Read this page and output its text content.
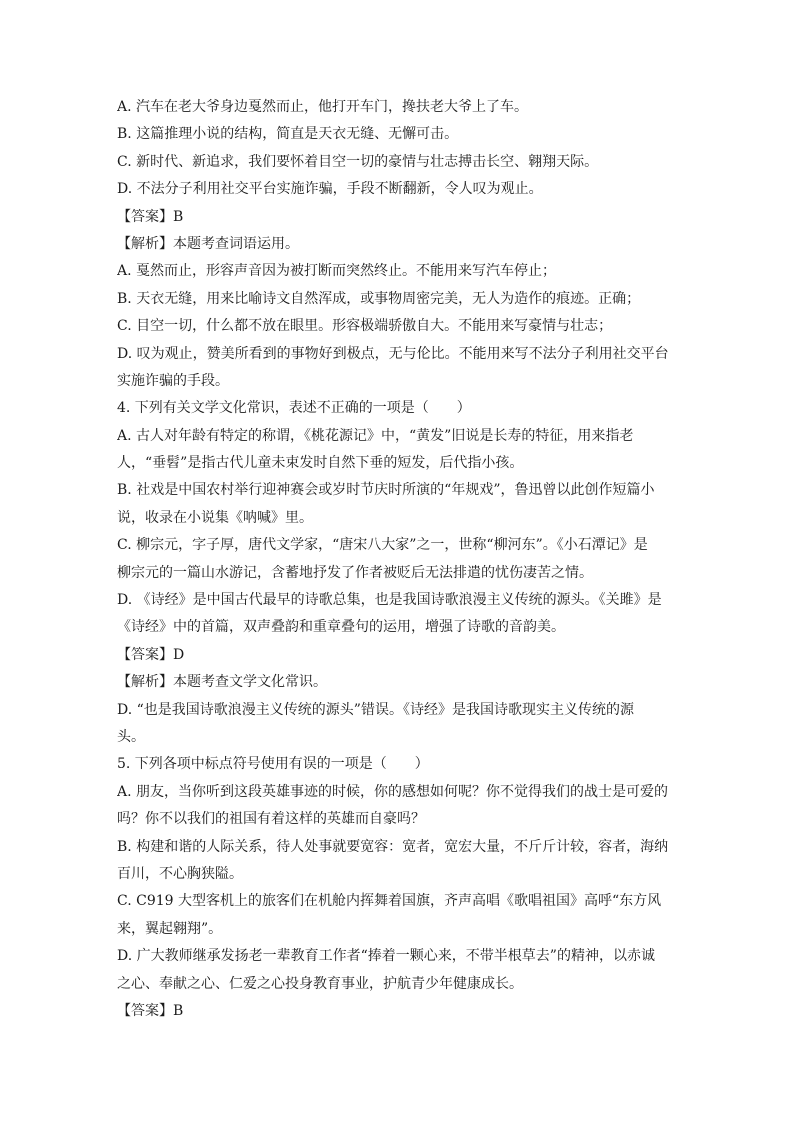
A. 汽车在老大爷身边戛然而止，他打开车门，搀扶老大爷上了车。
B. 这篇推理小说的结构，简直是天衣无缝、无懈可击。
C. 新时代、新追求，我们要怀着目空一切的豪情与壮志搏击长空、翱翔天际。
D. 不法分子利用社交平台实施诈骗，手段不断翻新，令人叹为观止。
【答案】B
【解析】本题考查词语运用。
A. 戛然而止，形容声音因为被打断而突然终止。不能用来写汽车停止；
B. 天衣无缝，用来比喻诗文自然浑成，或事物周密完美，无人为造作的痕迹。正确；
C. 目空一切，什么都不放在眼里。形容极端骄傲自大。不能用来写豪情与壮志；
D. 叹为观止，赞美所看到的事物好到极点，无与伦比。不能用来写不法分子利用社交平台
实施诈骗的手段。
4. 下列有关文学文化常识，表述不正确的一项是（　　）
A. 古人对年龄有特定的称谓，《桃花源记》中，“黄发”旧说是长寿的特征，用来指老
人，“垂髫”是指古代儿童未束发时自然下垂的短发，后代指小孩。
B. 社戏是中国农村举行迎神赛会或岁时节庆时所演的“年规戏”，鲁迅曾以此创作短篇小
说，收录在小说集《呐喊》里。
C. 柳宗元，字子厚，唐代文学家，“唐宋八大家”之一，世称“柳河东”。《小石潭记》是
柳宗元的一篇山水游记，含蓄地抒发了作者被贬后无法排遣的忧伤凄苦之情。
D. 《诗经》是中国古代最早的诗歌总集，也是我国诗歌浪漫主义传统的源头。《关雎》是
《诗经》中的首篇，双声叠韵和重章叠句的运用，增强了诗歌的音韵美。
【答案】D
【解析】本题考查文学文化常识。
D. “也是我国诗歌浪漫主义传统的源头”错误。《诗经》是我国诗歌现实主义传统的源
头。
5. 下列各项中标点符号使用有误的一项是（　　）
A. 朋友，当你听到这段英雄事迹的时候，你的感想如何呢？你不觉得我们的战士是可爱的
吗？你不以我们的祖国有着这样的英雄而自豪吗？
B. 构建和谐的人际关系，待人处事就要宽容：宽者，宽宏大量，不斤斤计较，容者，海纳
百川，不心胸狭隘。
C. C919 大型客机上的旅客们在机舱内挥舞着国旗，齐声高唱《歌唱祖国》高呼“东方风
来，翼起翱翔”。
D. 广大教师继承发扬老一辈教育工作者“捧着一颗心来，不带半根草去”的精神，以赤诚
之心、奉献之心、仁爱之心投身教育事业，护航青少年健康成长。
【答案】B
